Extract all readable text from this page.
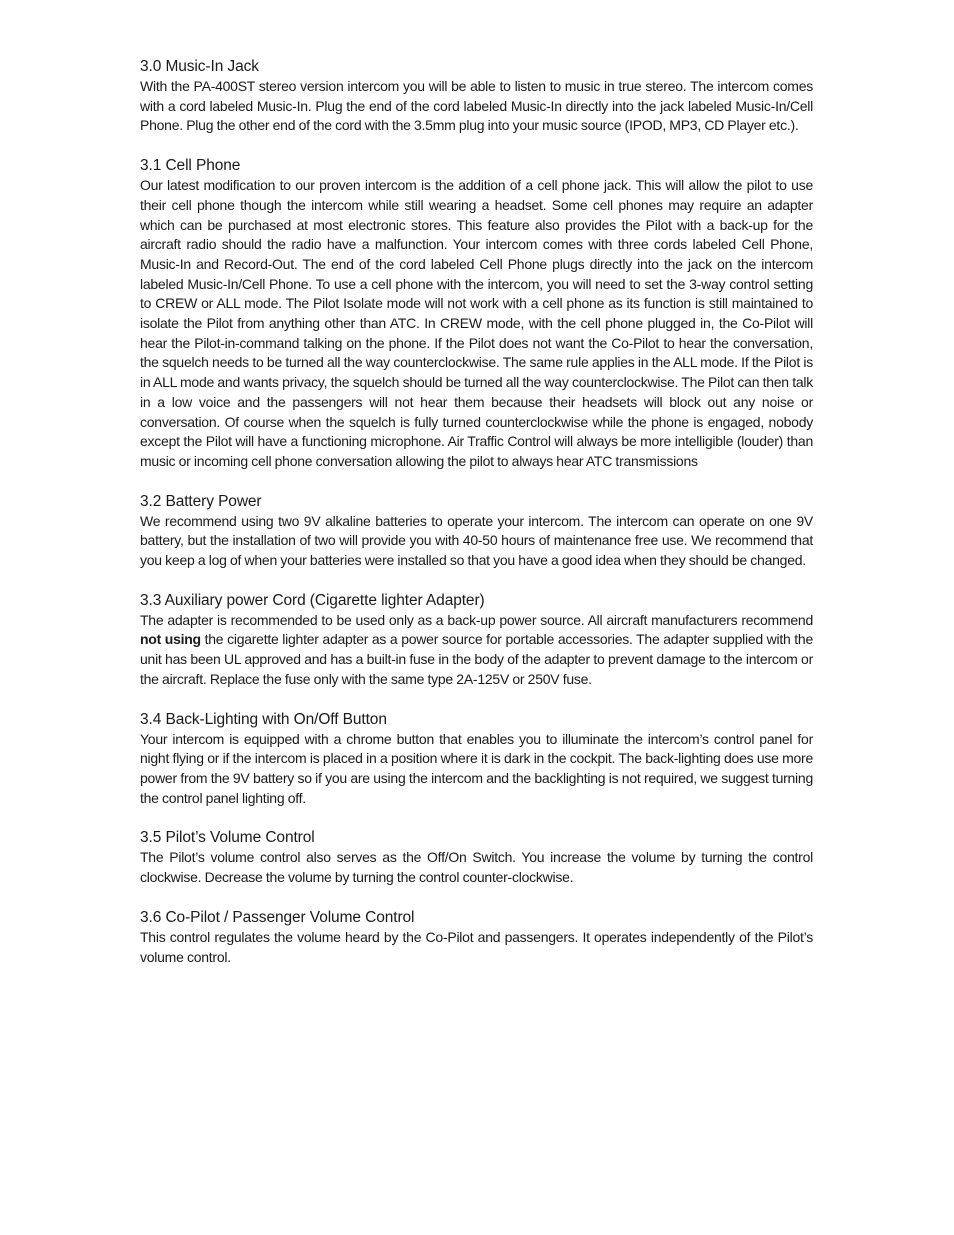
3.0 Music-In Jack

With the PA-400ST stereo version intercom you will be able to listen to music in true stereo. The intercom comes with a cord labeled Music-In. Plug the end of the cord labeled Music-In directly into the jack labeled Music-In/Cell Phone. Plug the other end of the cord with the 3.5mm plug into your music source (IPOD, MP3, CD Player etc.).

3.1 Cell Phone

Our latest modification to our proven intercom is the addition of a cell phone jack. This will allow the pilot to use their cell phone though the intercom while still wearing a headset. Some cell phones may require an adapter which can be purchased at most electronic stores. This feature also provides the Pilot with a back-up for the aircraft radio should the radio have a malfunction. Your intercom comes with three cords labeled Cell Phone, Music-In and Record-Out. The end of the cord labeled Cell Phone plugs directly into the jack on the intercom labeled Music-In/Cell Phone. To use a cell phone with the intercom, you will need to set the 3-way control setting to CREW or ALL mode. The Pilot Isolate mode will not work with a cell phone as its function is still maintained to isolate the Pilot from anything other than ATC. In CREW mode, with the cell phone plugged in, the Co-Pilot will hear the Pilot-in-command talking on the phone. If the Pilot does not want the Co-Pilot to hear the conversation, the squelch needs to be turned all the way counterclockwise. The same rule applies in the ALL mode. If the Pilot is in ALL mode and wants privacy, the squelch should be turned all the way counterclockwise. The Pilot can then talk in a low voice and the passengers will not hear them because their headsets will block out any noise or conversation. Of course when the squelch is fully turned counterclockwise while the phone is engaged, nobody except the Pilot will have a functioning microphone. Air Traffic Control will always be more intelligible (louder) than music or incoming cell phone conversation allowing the pilot to always hear ATC transmissions

3.2 Battery Power

We recommend using two 9V alkaline batteries to operate your intercom. The intercom can operate on one 9V battery, but the installation of two will provide you with 40-50 hours of maintenance free use. We recommend that you keep a log of when your batteries were installed so that you have a good idea when they should be changed.

3.3 Auxiliary power Cord (Cigarette lighter Adapter)

The adapter is recommended to be used only as a back-up power source. All aircraft manufacturers recommend not using the cigarette lighter adapter as a power source for portable accessories. The adapter supplied with the unit has been UL approved and has a built-in fuse in the body of the adapter to prevent damage to the intercom or the aircraft. Replace the fuse only with the same type 2A-125V or 250V fuse.

3.4 Back-Lighting with On/Off Button

Your intercom is equipped with a chrome button that enables you to illuminate the intercom’s control panel for night flying or if the intercom is placed in a position where it is dark in the cockpit. The back-lighting does use more power from the 9V battery so if you are using the intercom and the backlighting is not required, we suggest turning the control panel lighting off.

3.5 Pilot’s Volume Control

The Pilot’s volume control also serves as the Off/On Switch. You increase the volume by turning the control clockwise. Decrease the volume by turning the control counter-clockwise.

3.6 Co-Pilot / Passenger Volume Control

This control regulates the volume heard by the Co-Pilot and passengers. It operates independently of the Pilot’s volume control.
